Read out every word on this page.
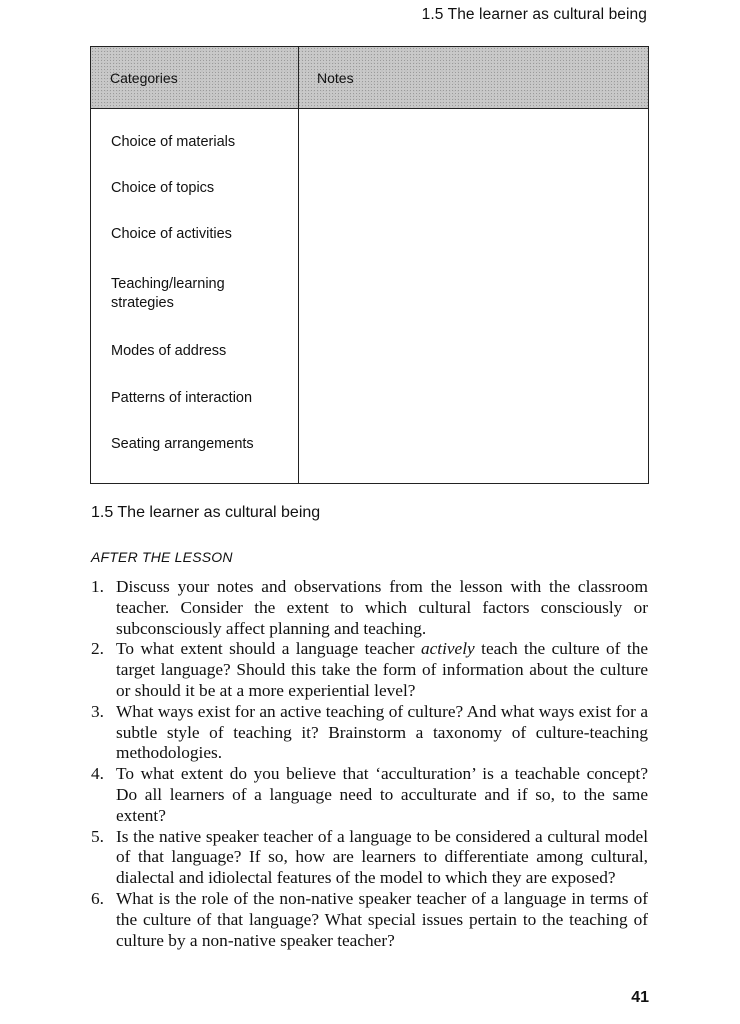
1.5 The learner as cultural being
Categories	Notes
Choice of materials
Choice of topics
Choice of activities
Teaching/learning strategies
Modes of address
Patterns of interaction
Seating arrangements
1.5 The learner as cultural being
AFTER THE LESSON
1. Discuss your notes and observations from the lesson with the classroom teacher. Consider the extent to which cultural factors consciously or subconsciously affect planning and teaching.
2. To what extent should a language teacher actively teach the culture of the target language? Should this take the form of information about the culture or should it be at a more experiential level?
3. What ways exist for an active teaching of culture? And what ways exist for a subtle style of teaching it? Brainstorm a taxonomy of culture-teaching methodologies.
4. To what extent do you believe that ‘acculturation’ is a teachable concept? Do all learners of a language need to acculturate and if so, to the same extent?
5. Is the native speaker teacher of a language to be considered a cultural model of that language? If so, how are learners to differentiate among cultural, dialectal and idiolectal features of the model to which they are exposed?
6. What is the role of the non-native speaker teacher of a language in terms of the culture of that language? What special issues pertain to the teaching of culture by a non-native speaker teacher?
41
